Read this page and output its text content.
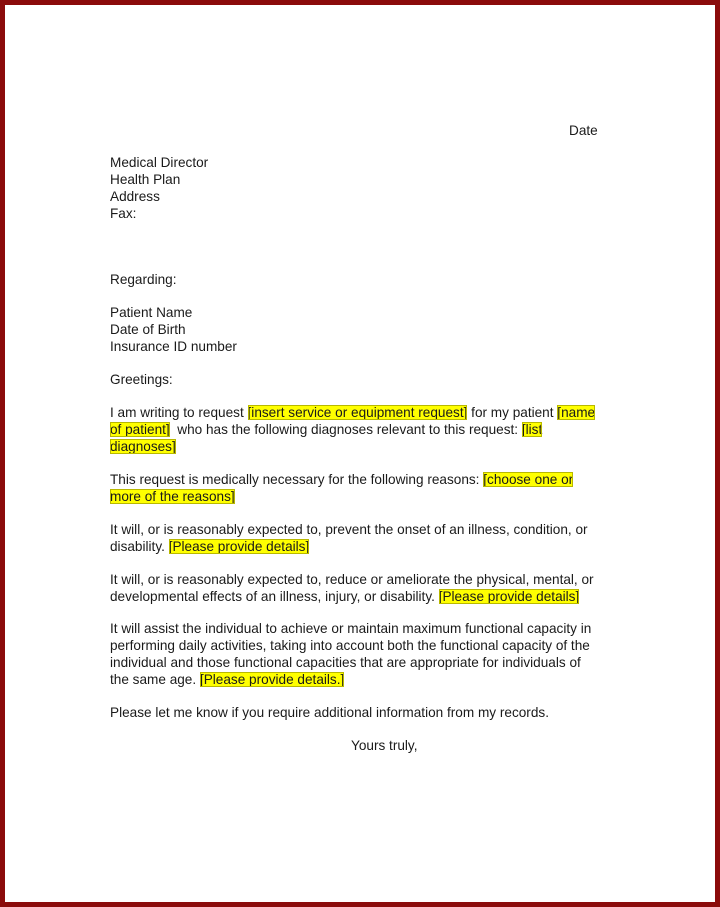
Date
Medical Director
Health Plan
Address
Fax:
Regarding:
Patient Name
Date of Birth
Insurance ID number
Greetings:
I am writing to request [insert service or equipment request] for my patient [name
of patient]  who has the following diagnoses relevant to this request: [list
diagnoses]
This request is medically necessary for the following reasons: [choose one or
more of the reasons]
It will, or is reasonably expected to, prevent the onset of an illness, condition, or
disability. [Please provide details]
It will, or is reasonably expected to, reduce or ameliorate the physical, mental, or
developmental effects of an illness, injury, or disability. [Please provide details]
It will assist the individual to achieve or maintain maximum functional capacity in
performing daily activities, taking into account both the functional capacity of the
individual and those functional capacities that are appropriate for individuals of
the same age. [Please provide details.]
Please let me know if you require additional information from my records.
Yours truly,
